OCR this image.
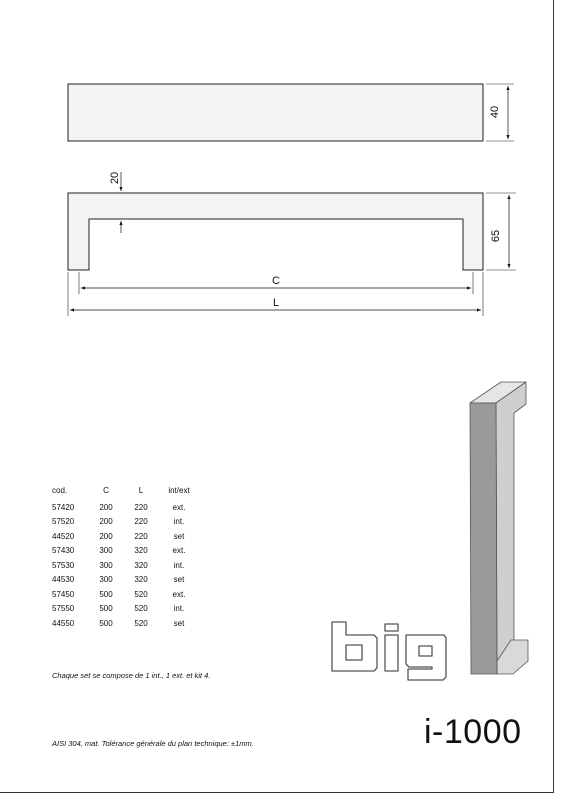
40
20
65
C
L
cod.	C	L	int/ext
57420	200	220	ext.
57520	200	220	int.
44520	200	220	set
57430	300	320	ext.
57530	300	320	int.
44530	300	320	set
57450	500	520	ext.
57550	500	520	int.
44550	500	520	set
Chaque set se compose de 1 int., 1 ext. et kit 4.
AISI 304, mat. Tolérance générale du plan technique: ±1mm.	i-1000
